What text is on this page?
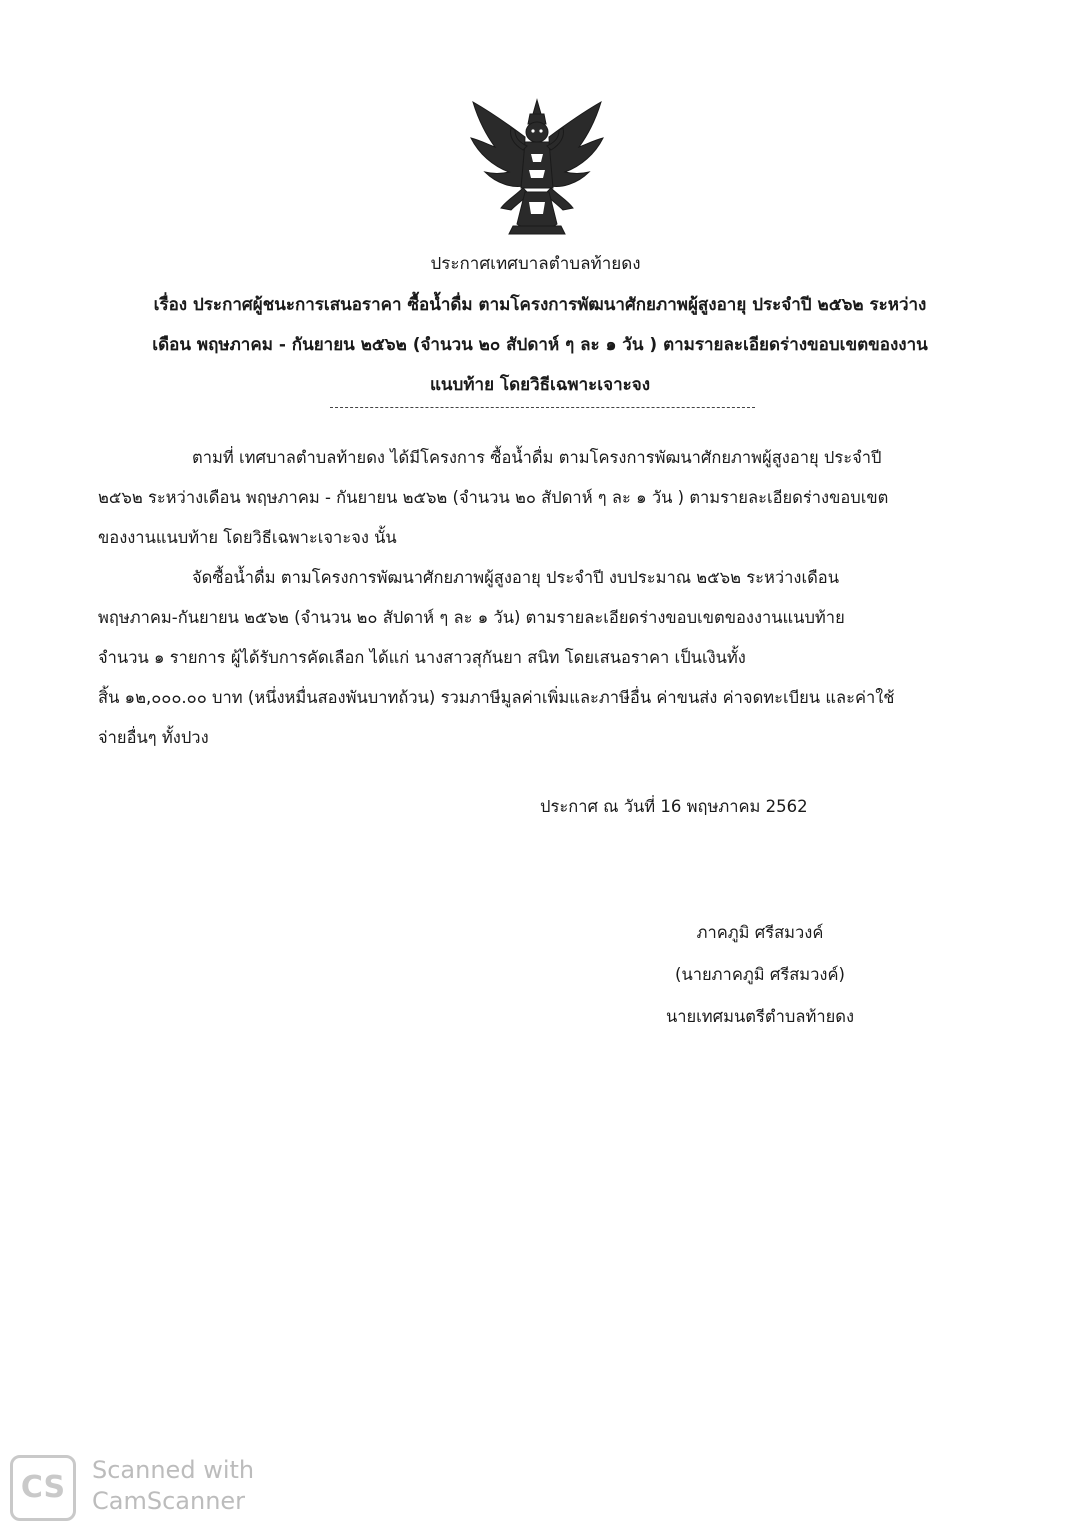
ประกาศเทศบาลตำบลท้ายดง
เรื่อง ประกาศผู้ชนะการเสนอราคา ซื้อน้ำดื่ม ตามโครงการพัฒนาศักยภาพผู้สูงอายุ ประจำปี ๒๕๖๒ ระหว่าง
เดือน พฤษภาคม - กันยายน ๒๕๖๒ (จำนวน ๒๐ สัปดาห์ ๆ ละ ๑ วัน ) ตามรายละเอียดร่างขอบเขตของงาน
แนบท้าย โดยวิธีเฉพาะเจาะจง
ตามที่ เทศบาลตำบลท้ายดง ได้มีโครงการ ซื้อน้ำดื่ม ตามโครงการพัฒนาศักยภาพผู้สูงอายุ ประจำปี
๒๕๖๒ ระหว่างเดือน พฤษภาคม - กันยายน ๒๕๖๒ (จำนวน ๒๐ สัปดาห์ ๆ ละ ๑ วัน ) ตามรายละเอียดร่างขอบเขต
ของงานแนบท้าย โดยวิธีเฉพาะเจาะจง นั้น
จัดซื้อน้ำดื่ม ตามโครงการพัฒนาศักยภาพผู้สูงอายุ ประจำปี งบประมาณ ๒๕๖๒ ระหว่างเดือน
พฤษภาคม-กันยายน ๒๕๖๒ (จำนวน ๒๐ สัปดาห์ ๆ ละ ๑ วัน) ตามรายละเอียดร่างขอบเขตของงานแนบท้าย
จำนวน ๑ รายการ ผู้ได้รับการคัดเลือก ได้แก่ นางสาวสุกันยา สนิท โดยเสนอราคา เป็นเงินทั้ง
สิ้น ๑๒,๐๐๐.๐๐ บาท (หนึ่งหมื่นสองพันบาทถ้วน) รวมภาษีมูลค่าเพิ่มและภาษีอื่น ค่าขนส่ง ค่าจดทะเบียน และค่าใช้
จ่ายอื่นๆ ทั้งปวง
ประกาศ ณ วันที่ 16 พฤษภาคม 2562
ภาคภูมิ ศรีสมวงค์
(นายภาคภูมิ ศรีสมวงค์)
นายเทศมนตรีตำบลท้ายดง
CS	Scanned with
CamScanner
